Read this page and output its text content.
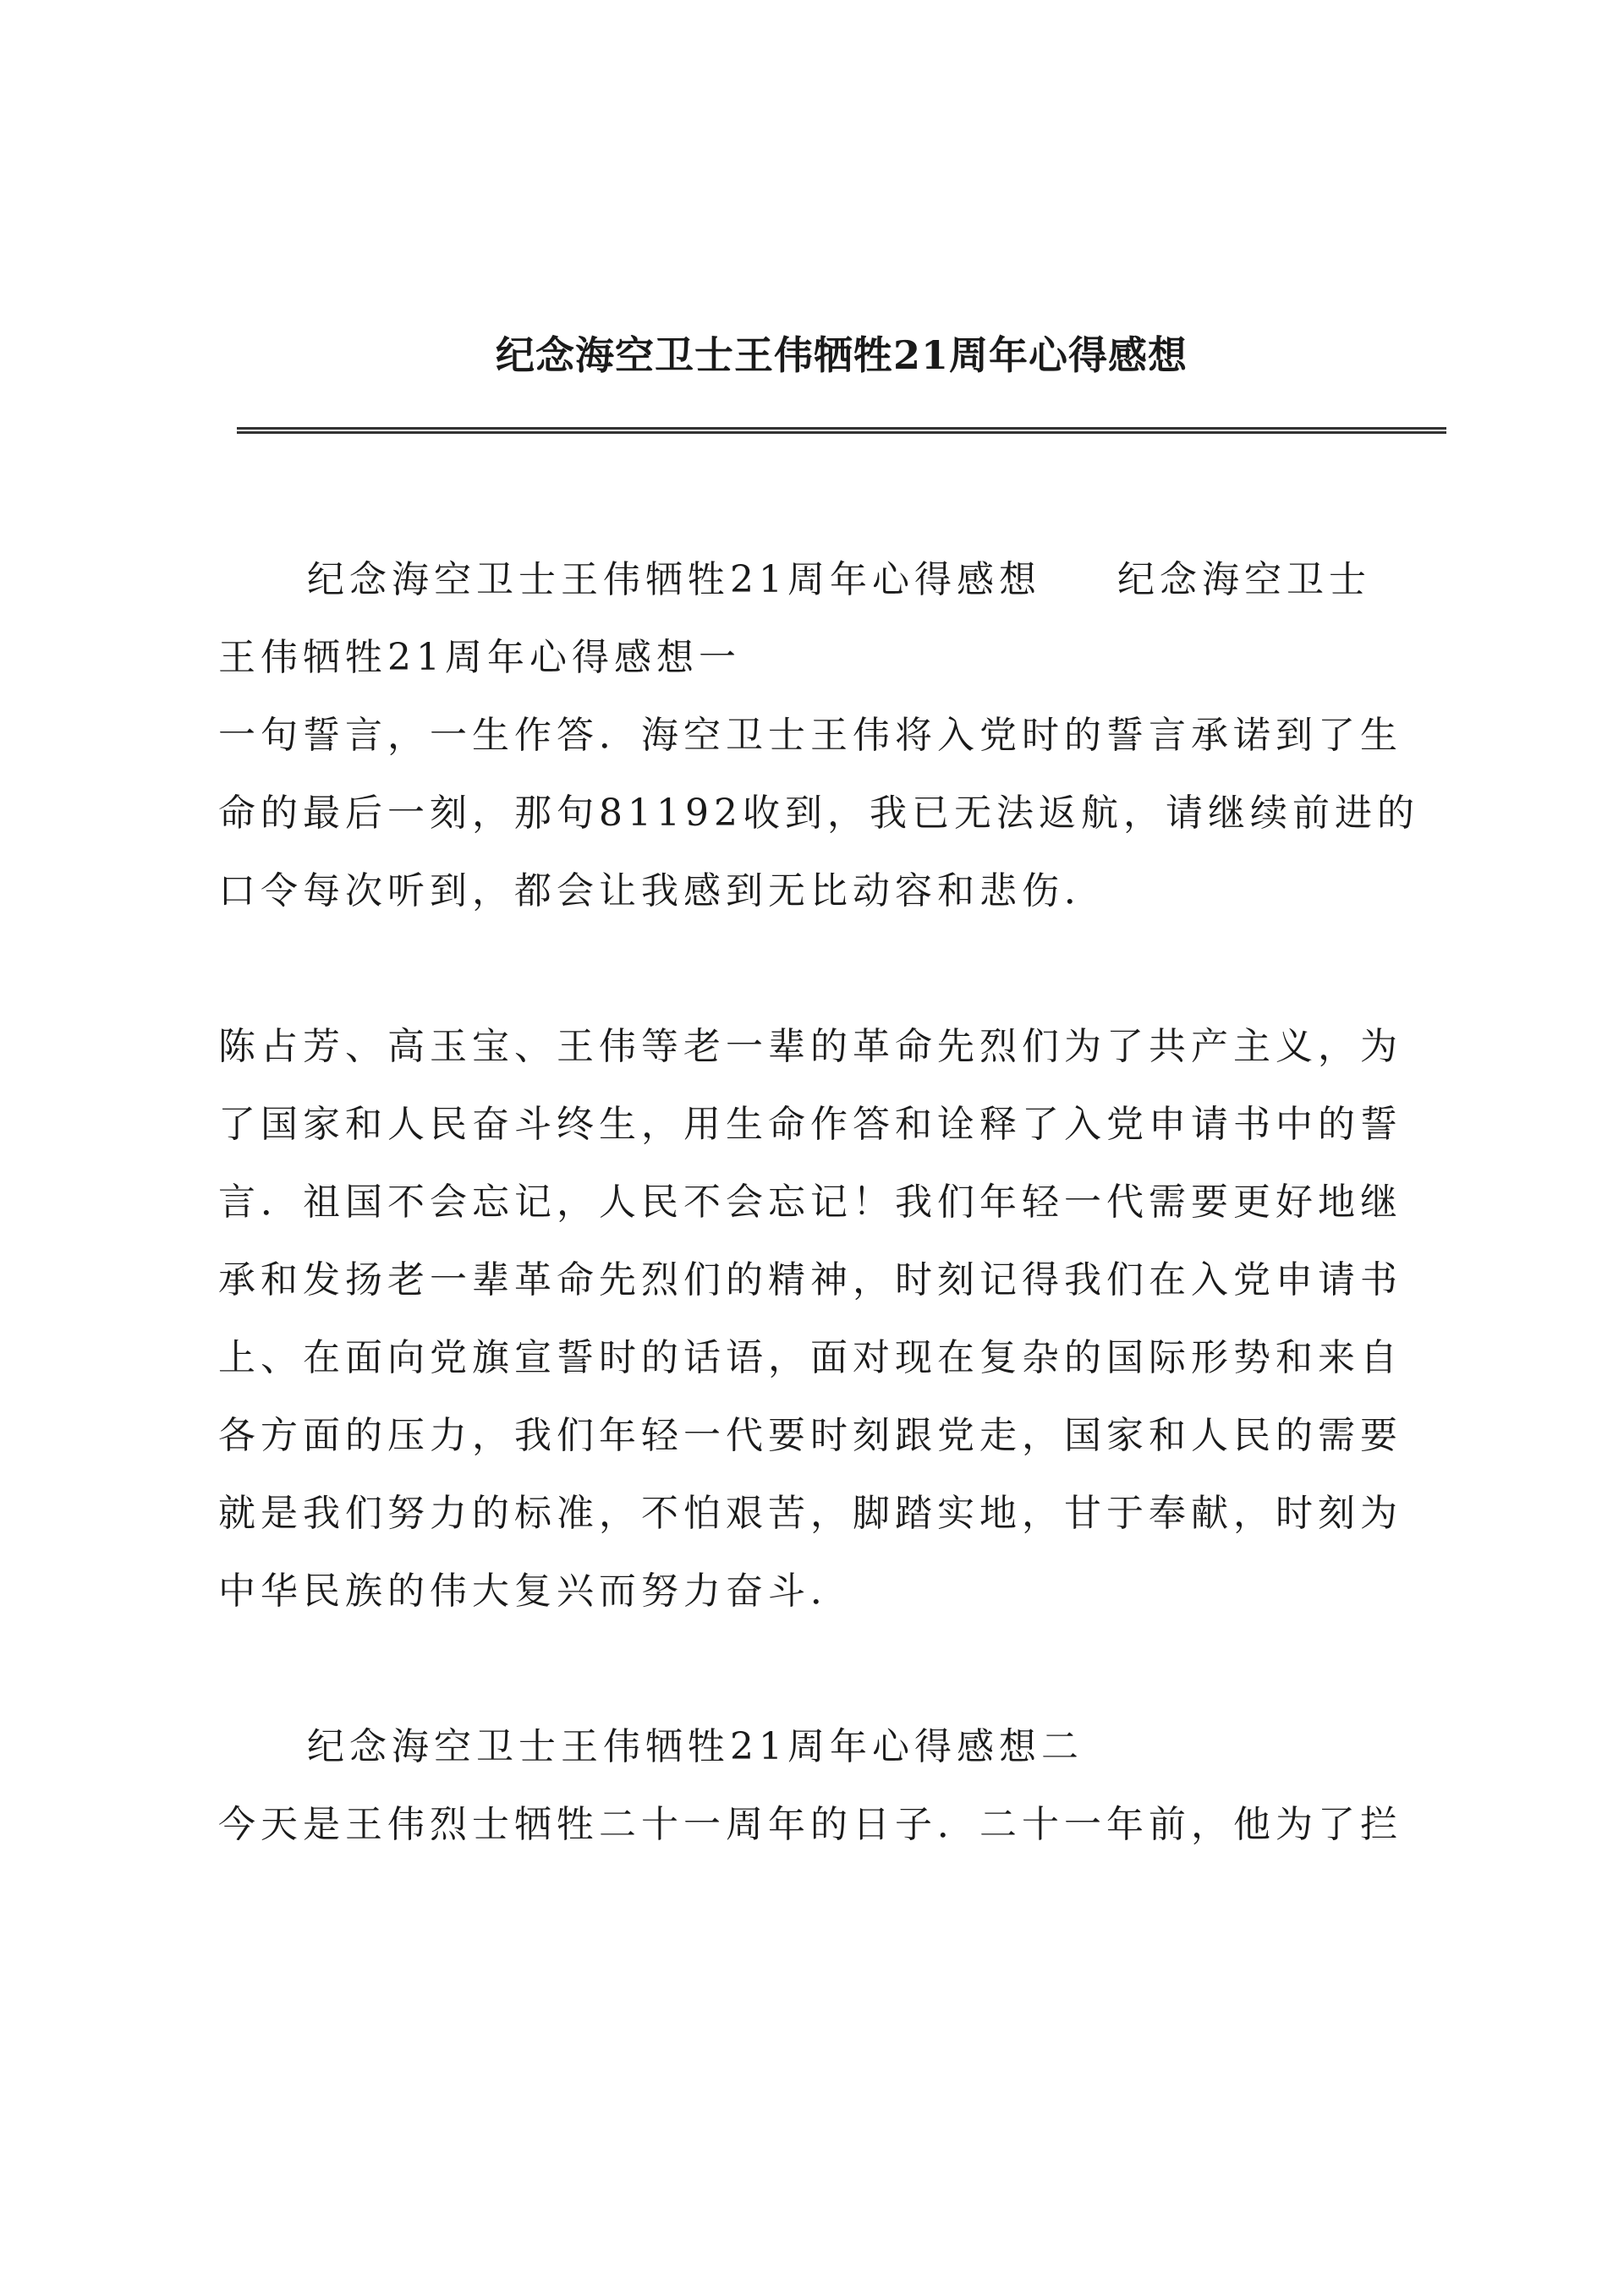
纪念海空卫士王伟牺牲21周年心得感想

纪念海空卫士王伟牺牲21周年心得感想 纪念海空卫士

王伟牺牲21周年心得感想一

一句誓言，一生作答．海空卫士王伟将入党时的誓言承诺到了生

命的最后一刻，那句81192收到，我已无法返航，请继续前进的

口令每次听到，都会让我感到无比动容和悲伤．

陈占芳、高玉宝、王伟等老一辈的革命先烈们为了共产主义，为

了国家和人民奋斗终生，用生命作答和诠释了入党申请书中的誓

言．祖国不会忘记，人民不会忘记！我们年轻一代需要更好地继

承和发扬老一辈革命先烈们的精神，时刻记得我们在入党申请书

上、在面向党旗宣誓时的话语，面对现在复杂的国际形势和来自

各方面的压力，我们年轻一代要时刻跟党走，国家和人民的需要

就是我们努力的标准，不怕艰苦，脚踏实地，甘于奉献，时刻为

中华民族的伟大复兴而努力奋斗．

纪念海空卫士王伟牺牲21周年心得感想二

今天是王伟烈士牺牲二十一周年的日子．二十一年前，他为了拦
